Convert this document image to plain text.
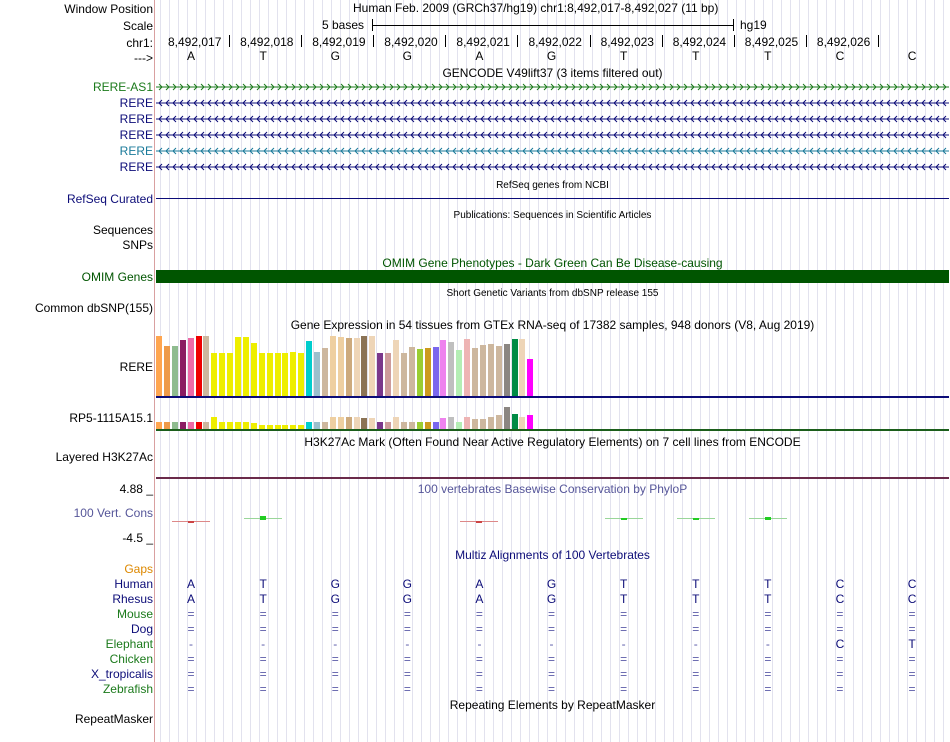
Window Position	Human Feb. 2009 (GRCh37/hg19) chr1:8,492,017-8,492,027 (11 bp)
Scale	5 bases	hg19
chr1: 8,492,017 8,492,018 8,492,019 8,492,020 8,492,021 8,492,022 8,492,023 8,492,024 8,492,025 8,492,026
--->	A	T	G	G	A	G	T	T	T	C	C
GENCODE V49lift37 (3 items filtered out)
RERE-AS1
RERE
RERE
RERE
RERE
RERE
RefSeq genes from NCBI
RefSeq Curated
Publications: Sequences in Scientific Articles
Sequences
SNPs
OMIM Gene Phenotypes - Dark Green Can Be Disease-causing
OMIM Genes
Short Genetic Variants from dbSNP release 155
Common dbSNP(155)
Gene Expression in 54 tissues from GTEx RNA-seq of 17382 samples, 948 donors (V8, Aug 2019)
RERE
RP5-1115A15.1
H3K27Ac Mark (Often Found Near Active Regulatory Elements) on 7 cell lines from ENCODE
Layered H3K27Ac
100 vertebrates Basewise Conservation by PhyloP
4.88 _
100 Vert. Cons
-4.5 _
Multiz Alignments of 100 Vertebrates
Gaps
Human	A	T	G	G	A	G	T	T	T	C	C
Rhesus	A	T	G	G	A	G	T	T	T	C	C
Mouse	=	=	=	=	=	=	=	=	=	=	=
Dog	=	=	=	=	=	=	=	=	=	=	=
Elephant	-	-	-	-	-	-	-	-	-	C	T
Chicken	=	=	=	=	=	=	=	=	=	=	=
X_tropicalis	=	=	=	=	=	=	=	=	=	=	=
Zebrafish	=	=	=	=	=	=	=	=	=	=	=
Repeating Elements by RepeatMasker
RepeatMasker
